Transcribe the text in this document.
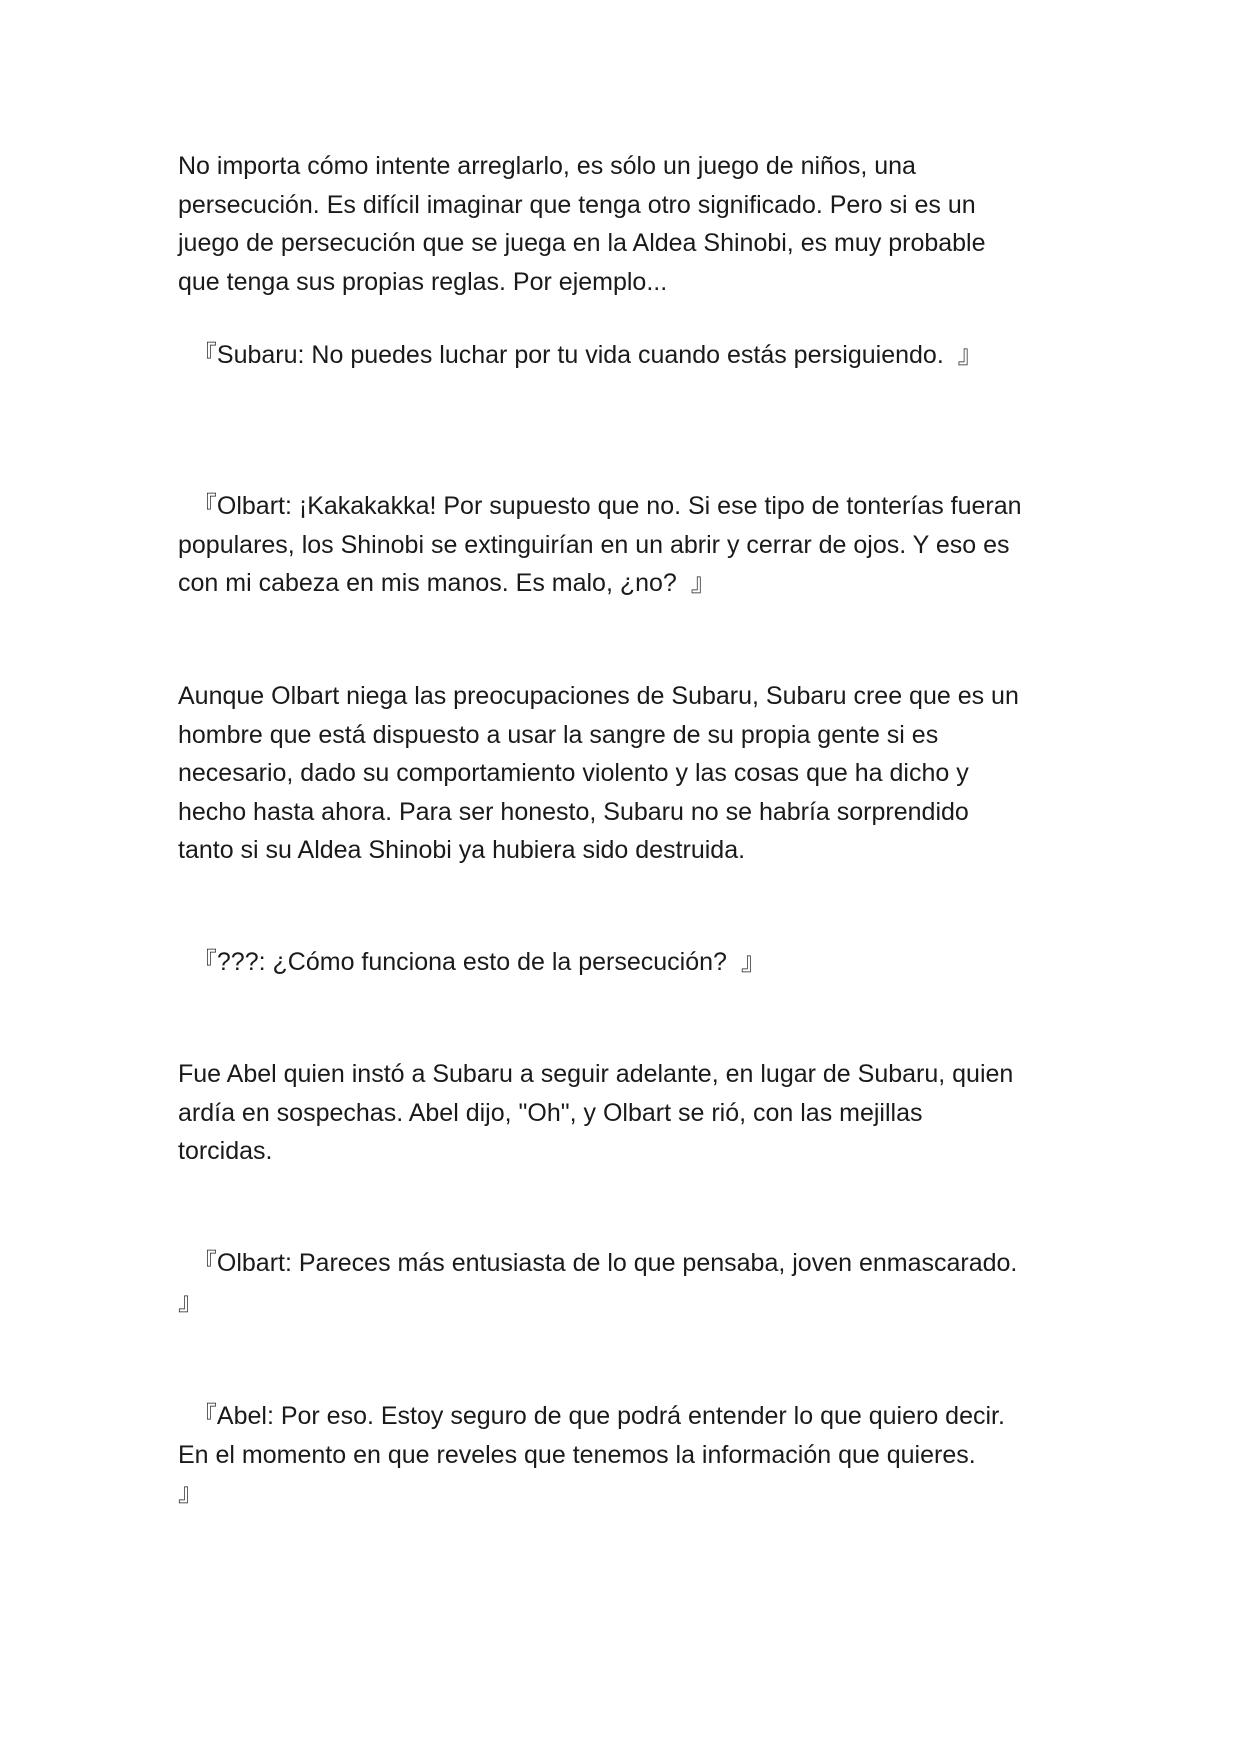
No importa cómo intente arreglarlo, es sólo un juego de niños, una
persecución. Es difícil imaginar que tenga otro significado. Pero si es un
juego de persecución que se juega en la Aldea Shinobi, es muy probable
que tenga sus propias reglas. Por ejemplo...

『Subaru: No puedes luchar por tu vida cuando estás persiguiendo.  』

『Olbart: ¡Kakakakka! Por supuesto que no. Si ese tipo de tonterías fueran
populares, los Shinobi se extinguirían en un abrir y cerrar de ojos. Y eso es
con mi cabeza en mis manos. Es malo, ¿no?  』

Aunque Olbart niega las preocupaciones de Subaru, Subaru cree que es un
hombre que está dispuesto a usar la sangre de su propia gente si es
necesario, dado su comportamiento violento y las cosas que ha dicho y
hecho hasta ahora. Para ser honesto, Subaru no se habría sorprendido
tanto si su Aldea Shinobi ya hubiera sido destruida.

『???: ¿Cómo funciona esto de la persecución?  』

Fue Abel quien instó a Subaru a seguir adelante, en lugar de Subaru, quien
ardía en sospechas. Abel dijo, "Oh", y Olbart se rió, con las mejillas
torcidas.

『Olbart: Pareces más entusiasta de lo que pensaba, joven enmascarado.
』

『Abel: Por eso. Estoy seguro de que podrá entender lo que quiero decir.
En el momento en que reveles que tenemos la información que quieres.
』
